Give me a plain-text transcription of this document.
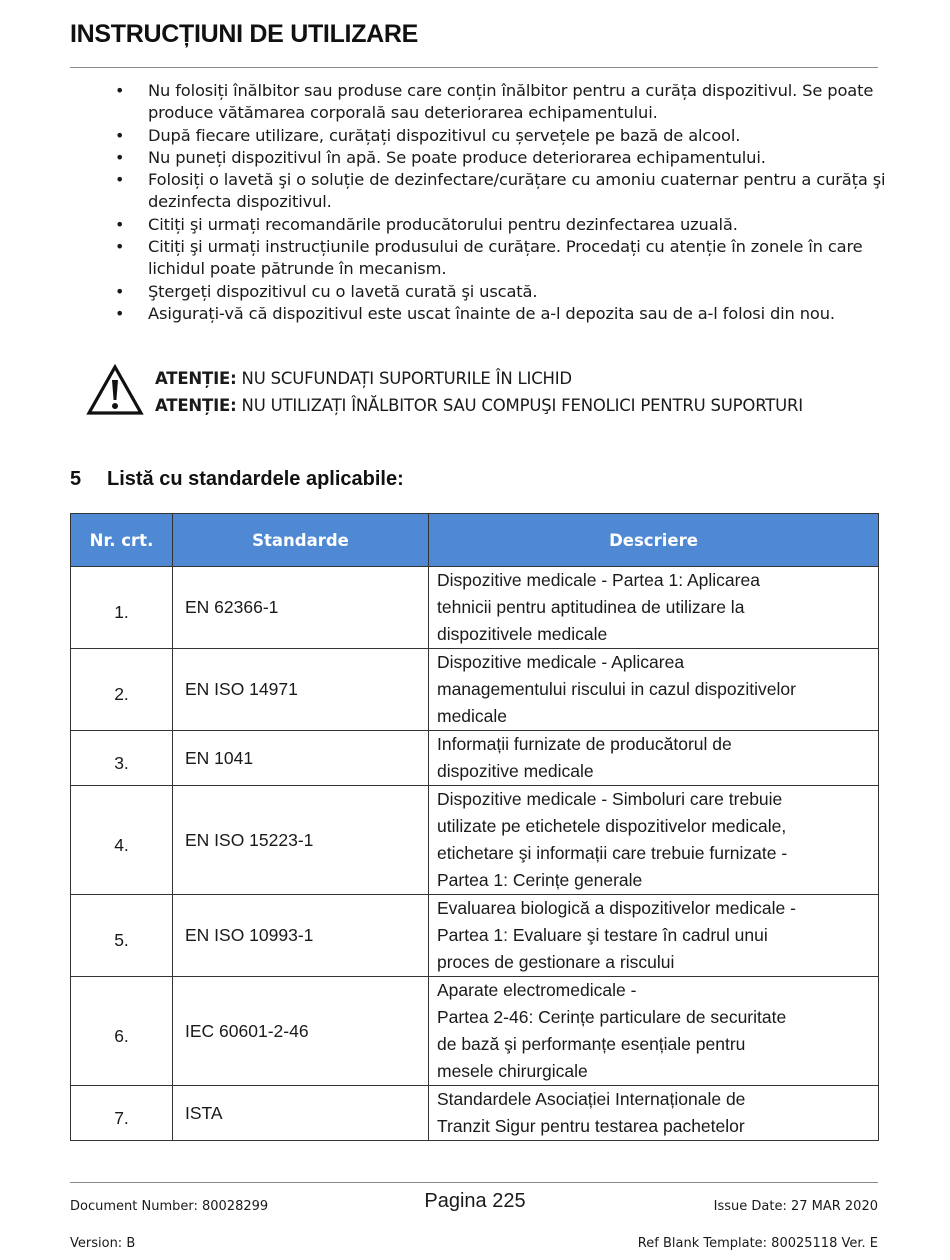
INSTRUCȚIUNI DE UTILIZARE
• Nu folosiți înălbitor sau produse care conțin înălbitor pentru a curăța dispozitivul. Se poate produce vătămarea corporală sau deteriorarea echipamentului.
• După fiecare utilizare, curățați dispozitivul cu șervețele pe bază de alcool.
• Nu puneți dispozitivul în apă. Se poate produce deteriorarea echipamentului.
• Folosiți o lavetă şi o soluție de dezinfectare/curățare cu amoniu cuaternar pentru a curăța şi dezinfecta dispozitivul.
• Citiți şi urmați recomandările producătorului pentru dezinfectarea uzuală.
• Citiți şi urmați instrucțiunile produsului de curățare. Procedați cu atenție în zonele în care lichidul poate pătrunde în mecanism.
• Ştergeți dispozitivul cu o lavetă curată şi uscată.
• Asigurați-vă că dispozitivul este uscat înainte de a-l depozita sau de a-l folosi din nou.
ATENȚIE: NU SCUFUNDAȚI SUPORTURILE ÎN LICHID
ATENȚIE: NU UTILIZAȚI ÎNĂLBITOR SAU COMPUŞI FENOLICI PENTRU SUPORTURI
5 Listă cu standardele aplicabile:
Nr. crt.	Standarde	Descriere
1.	EN 62366-1	Dispozitive medicale - Partea 1: Aplicarea
tehnicii pentru aptitudinea de utilizare la
dispozitivele medicale

2.	EN ISO 14971	Dispozitive medicale - Aplicarea
managementului riscului in cazul dispozitivelor
medicale

3.	EN 1041	Informații furnizate de producătorul de
dispozitive medicale

4.	EN ISO 15223-1	Dispozitive medicale - Simboluri care trebuie
utilizate pe etichetele dispozitivelor medicale,
etichetare şi informații care trebuie furnizate -
Partea 1: Cerințe generale

5.	EN ISO 10993-1	Evaluarea biologică a dispozitivelor medicale -
Partea 1: Evaluare şi testare în cadrul unui
proces de gestionare a riscului

6.	IEC 60601-2-46	Aparate electromedicale -
Partea 2-46: Cerințe particulare de securitate
de bază şi performanțe esențiale pentru
mesele chirurgicale

7.	ISTA	Standardele Asociației Internaționale de
Tranzit Sigur pentru testarea pachetelor
Document Number: 80028299	Pagina 225	Issue Date: 27 MAR 2020
Version: B	Ref Blank Template: 80025118 Ver. E
